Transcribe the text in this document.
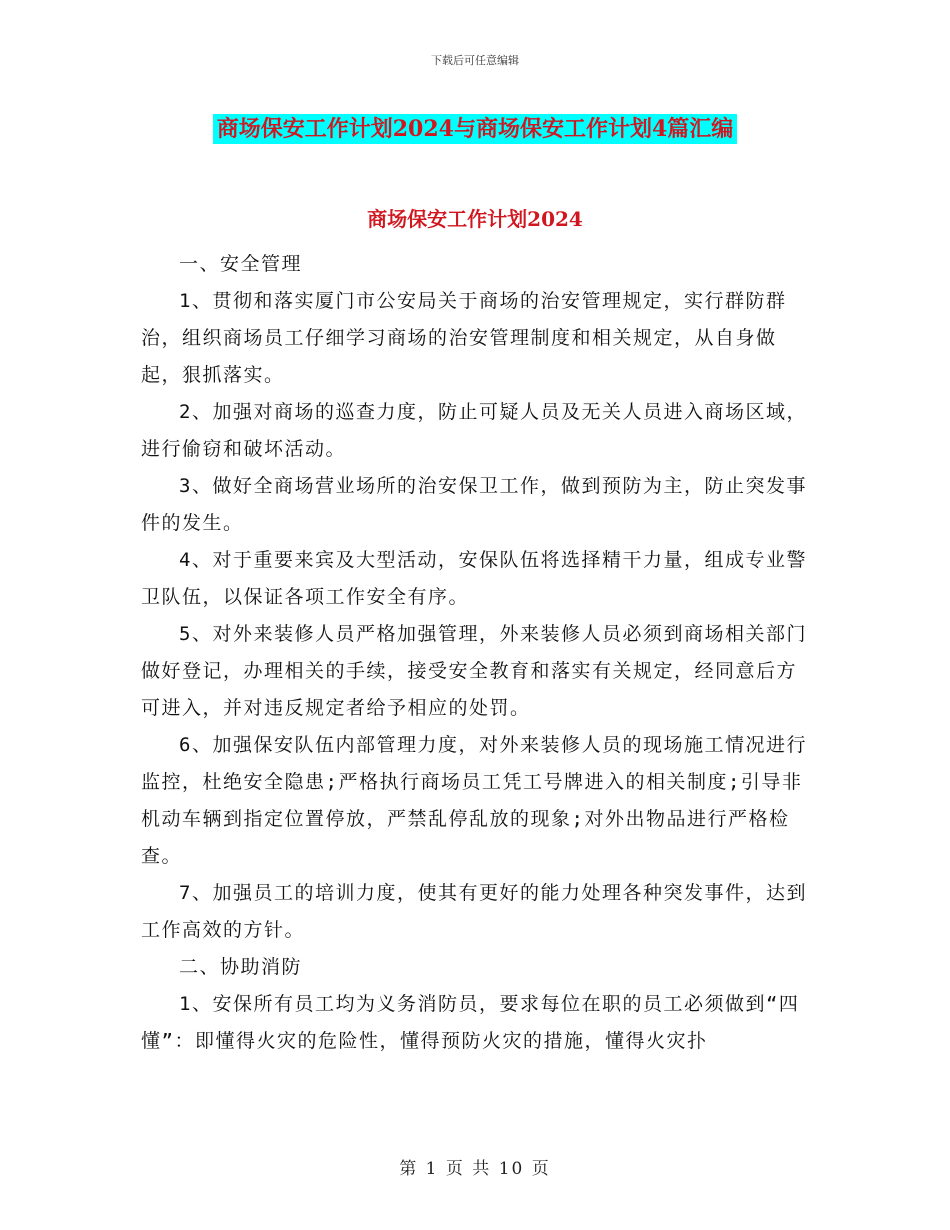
下载后可任意编辑
商场保安工作计划2024与商场保安工作计划4篇汇编
商场保安工作计划2024

一、安全管理

1、贯彻和落实厦门市公安局关于商场的治安管理规定，实行群防群治，组织商场员工仔细学习商场的治安管理制度和相关规定，从自身做起，狠抓落实。

2、加强对商场的巡查力度，防止可疑人员及无关人员进入商场区域，进行偷窃和破坏活动。

3、做好全商场营业场所的治安保卫工作，做到预防为主，防止突发事件的发生。

4、对于重要来宾及大型活动，安保队伍将选择精干力量，组成专业警卫队伍，以保证各项工作安全有序。

5、对外来装修人员严格加强管理，外来装修人员必须到商场相关部门做好登记，办理相关的手续，接受安全教育和落实有关规定，经同意后方可进入，并对违反规定者给予相应的处罚。

6、加强保安队伍内部管理力度，对外来装修人员的现场施工情况进行监控，杜绝安全隐患;严格执行商场员工凭工号牌进入的相关制度;引导非机动车辆到指定位置停放，严禁乱停乱放的现象;对外出物品进行严格检查。

7、加强员工的培训力度，使其有更好的能力处理各种突发事件，达到工作高效的方针。

二、协助消防

1、安保所有员工均为义务消防员，要求每位在职的员工必须做到“四懂”：即懂得火灾的危险性，懂得预防火灾的措施，懂得火灾扑

第 1 页 共 10 页
